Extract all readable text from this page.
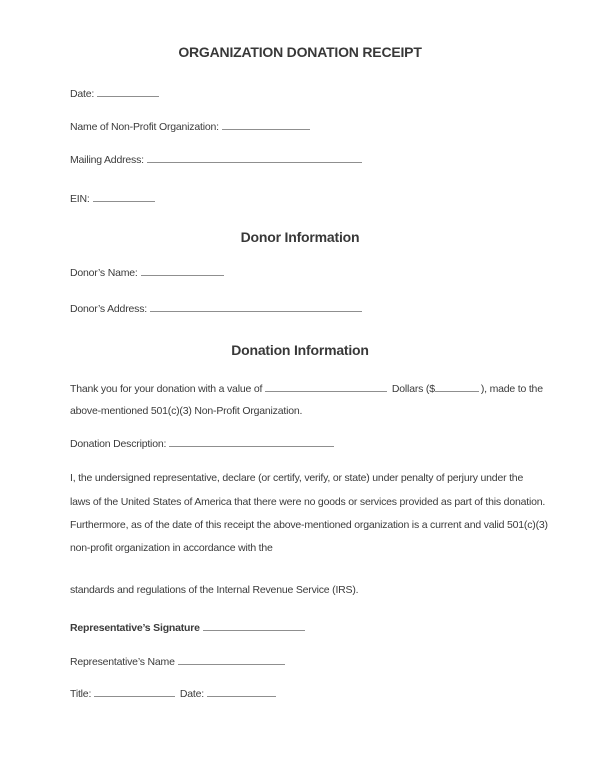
ORGANIZATION DONATION RECEIPT
Date:
Name of Non-Profit Organization:
Mailing Address:
EIN:
Donor Information
Donor’s Name:
Donor’s Address:
Donation Information
Thank you for your donation with a value of	Dollars ($	), made to the
above-mentioned 501(c)(3) Non-Profit Organization.
Donation Description:
I, the undersigned representative, declare (or certify, verify, or state) under penalty of perjury under the
laws of the United States of America that there were no goods or services provided as part of this donation.
Furthermore, as of the date of this receipt the above-mentioned organization is a current and valid 501(c)(3)
non-profit organization in accordance with the
standards and regulations of the Internal Revenue Service (IRS).
Representative’s Signature
Representative’s Name
Title:	Date:
